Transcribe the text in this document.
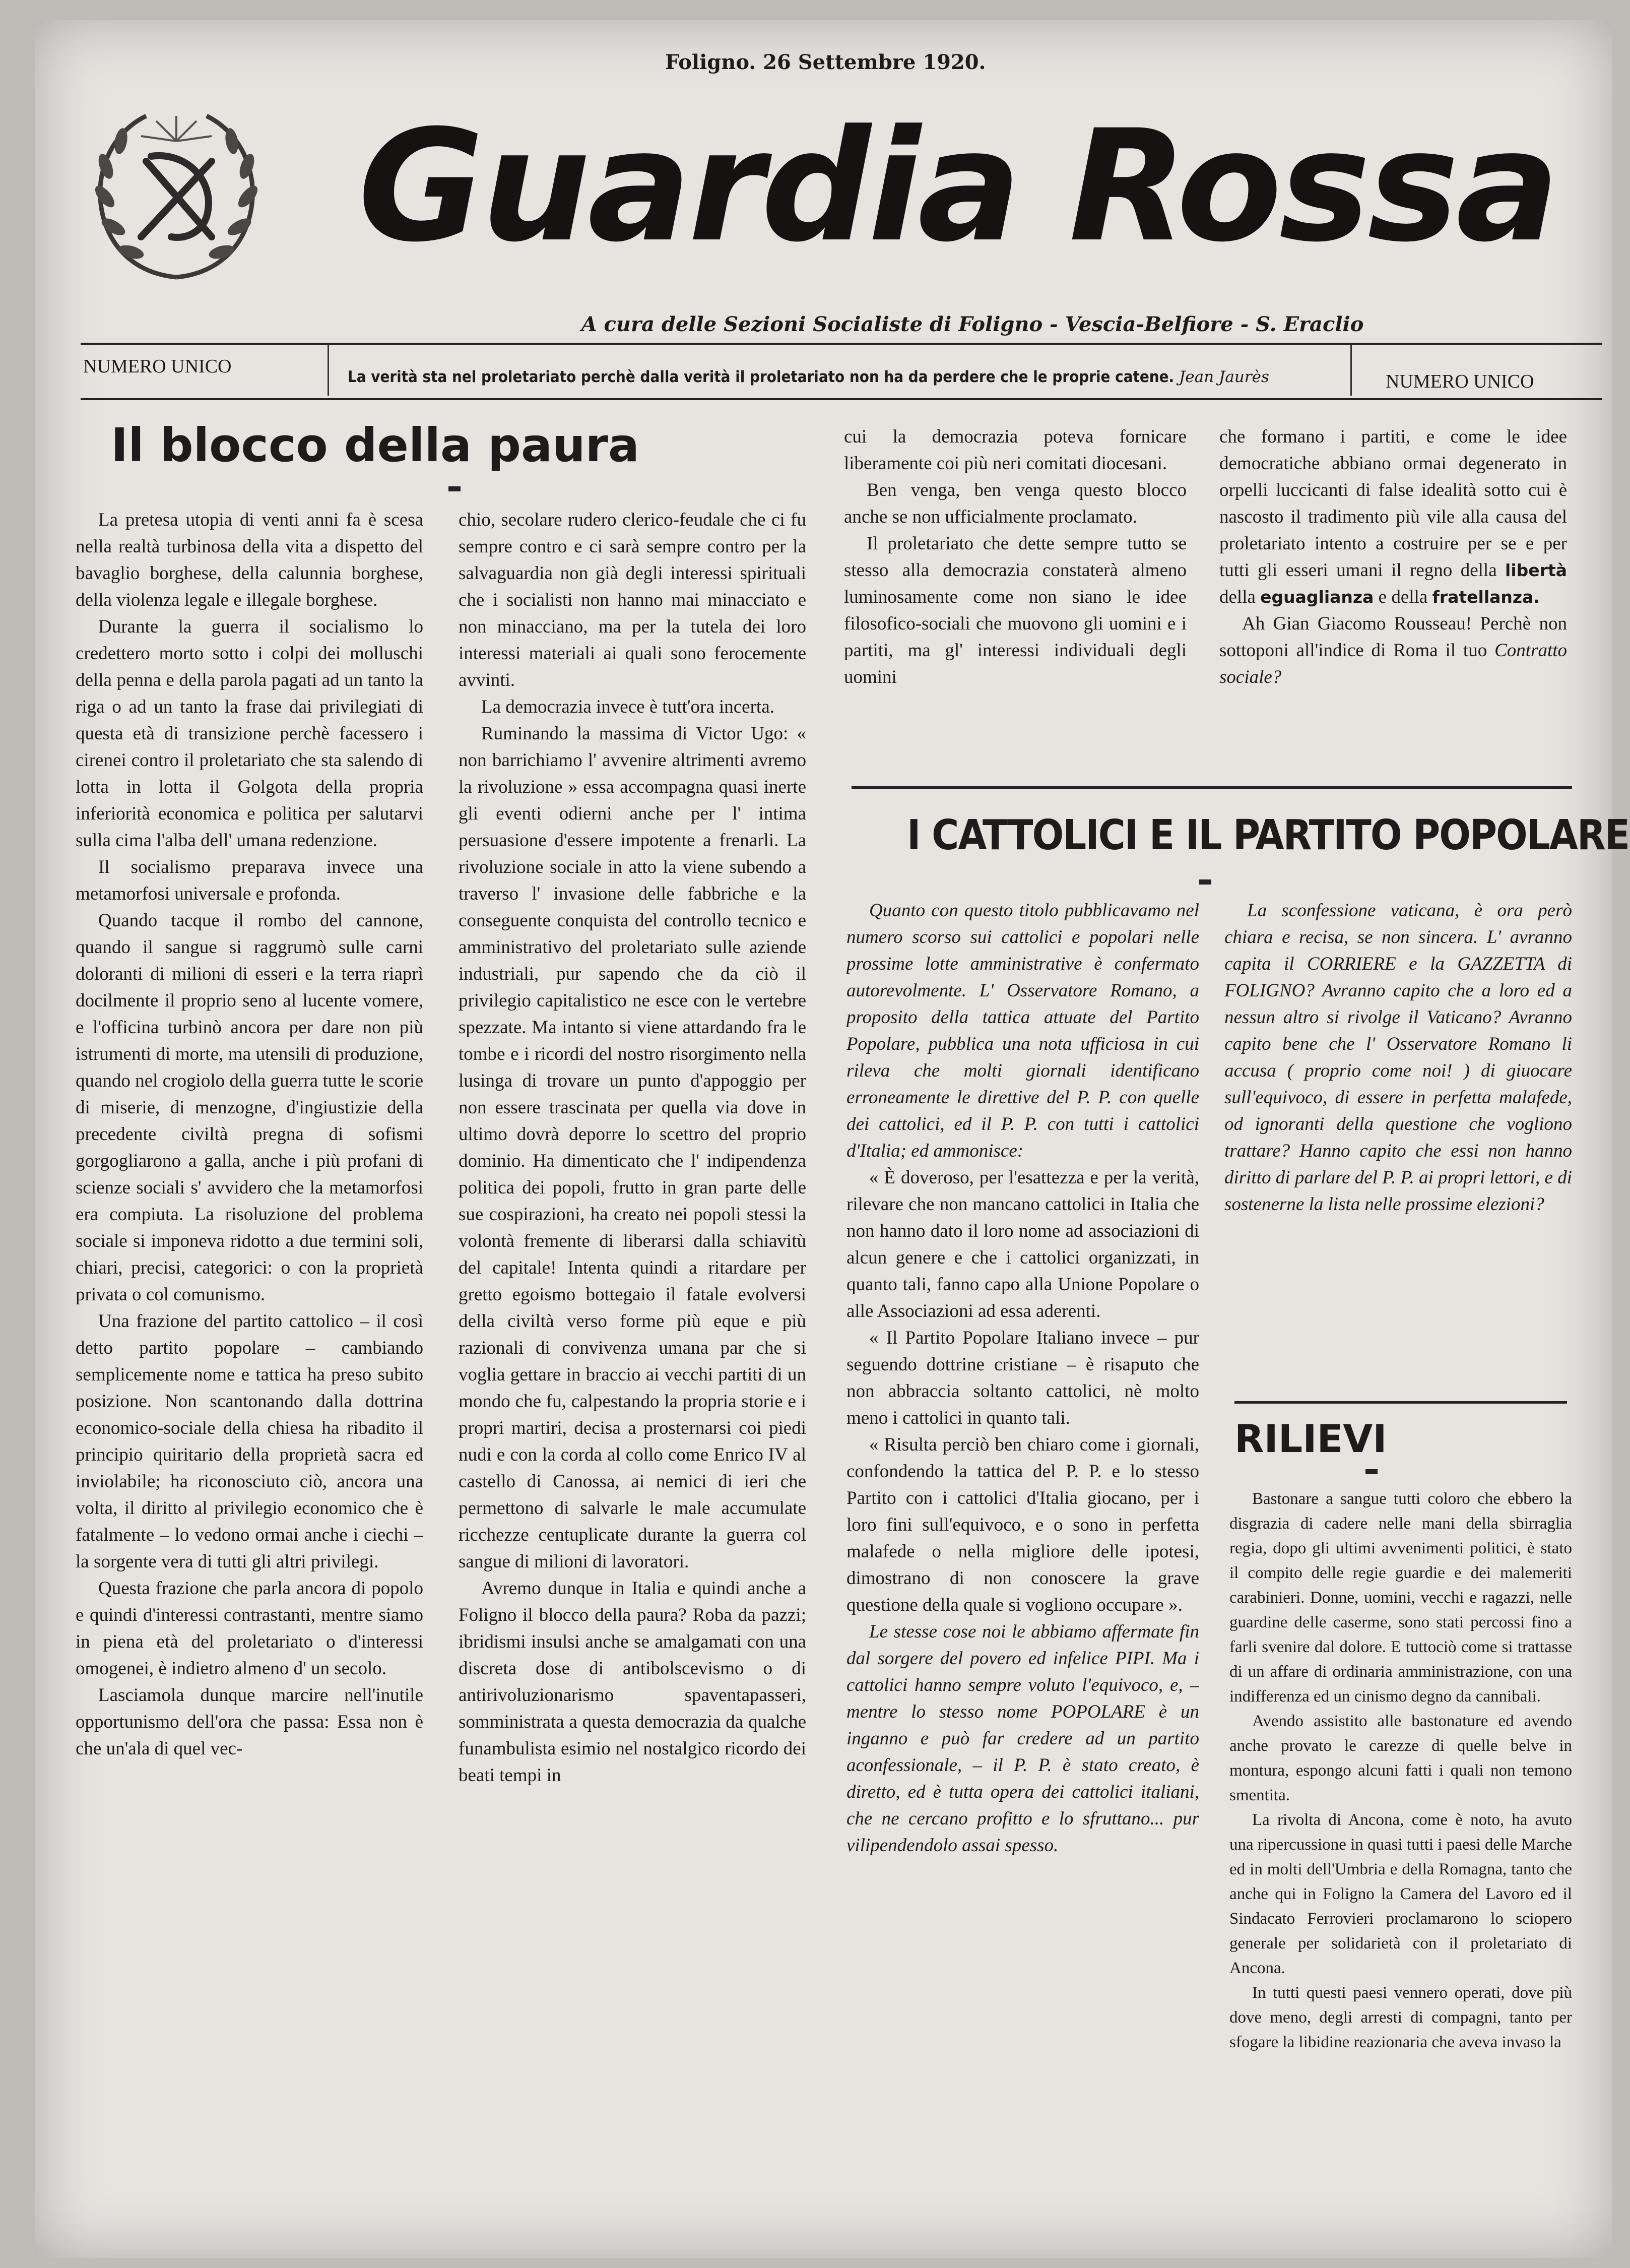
Foligno. 26 Settembre 1920.
Guardia Rossa
A cura delle Sezioni Socialiste di Foligno - Vescia-Belfiore - S. Eraclio
NUMERO UNICO	La verità sta nel proletariato perchè dalla verità il proletariato non ha da perdere che le proprie catene. Jean Jaurès	NUMERO UNICO
Il blocco della paura

La pretesa utopia di venti anni fa è scesa nella realtà turbinosa della vita a dispetto del bavaglio borghese, della calunnia borghese, della violenza legale e illegale borghese.

Durante la guerra il socialismo lo credettero morto sotto i colpi dei molluschi della penna e della parola pagati ad un tanto la riga o ad un tanto la frase dai privilegiati di questa età di transizione perchè facessero i cirenei contro il proletariato che sta salendo di lotta in lotta il Golgota della propria inferiorità economica e politica per salutarvi sulla cima l'alba dell' umana redenzione.

Il socialismo preparava invece una metamorfosi universale e profonda.

Quando tacque il rombo del cannone, quando il sangue si raggrumò sulle carni doloranti di milioni di esseri e la terra riaprì docilmente il proprio seno al lucente vomere, e l'officina turbinò ancora per dare non più istrumenti di morte, ma utensili di produzione, quando nel crogiolo della guerra tutte le scorie di miserie, di menzogne, d'ingiustizie della precedente civiltà pregna di sofismi gorgogliarono a galla, anche i più profani di scienze sociali s' avvidero che la metamorfosi era compiuta. La risoluzione del problema sociale si imponeva ridotto a due termini soli, chiari, precisi, categorici: o con la proprietà privata o col comunismo.

Una frazione del partito cattolico – il così detto partito popolare – cambiando semplicemente nome e tattica ha preso subito posizione. Non scantonando dalla dottrina economico-sociale della chiesa ha ribadito il principio quiritario della proprietà sacra ed inviolabile; ha riconosciuto ciò, ancora una volta, il diritto al privilegio economico che è fatalmente – lo vedono ormai anche i ciechi – la sorgente vera di tutti gli altri privilegi.

Questa frazione che parla ancora di popolo e quindi d'interessi contrastanti, mentre siamo in piena età del proletariato o d'interessi omogenei, è indietro almeno d' un secolo.

Lasciamola dunque marcire nell'inutile opportunismo dell'ora che passa: Essa non è che un'ala di quel vec-

chio, secolare rudero clerico-feudale che ci fu sempre contro e ci sarà sempre contro per la salvaguardia non già degli interessi spirituali che i socialisti non hanno mai minacciato e non minacciano, ma per la tutela dei loro interessi materiali ai quali sono ferocemente avvinti.

La democrazia invece è tutt'ora incerta.

Ruminando la massima di Victor Ugo: « non barrichiamo l' avvenire altrimenti avremo la rivoluzione » essa accompagna quasi inerte gli eventi odierni anche per l' intima persuasione d'essere impotente a frenarli. La rivoluzione sociale in atto la viene subendo a traverso l' invasione delle fabbriche e la conseguente conquista del controllo tecnico e amministrativo del proletariato sulle aziende industriali, pur sapendo che da ciò il privilegio capitalistico ne esce con le vertebre spezzate. Ma intanto si viene attardando fra le tombe e i ricordi del nostro risorgimento nella lusinga di trovare un punto d'appoggio per non essere trascinata per quella via dove in ultimo dovrà deporre lo scettro del proprio dominio. Ha dimenticato che l' indipendenza politica dei popoli, frutto in gran parte delle sue cospirazioni, ha creato nei popoli stessi la volontà fremente di liberarsi dalla schiavitù del capitale! Intenta quindi a ritardare per gretto egoismo bottegaio il fatale evolversi della civiltà verso forme più eque e più razionali di convivenza umana par che si voglia gettare in braccio ai vecchi partiti di un mondo che fu, calpestando la propria storie e i propri martiri, decisa a prosternarsi coi piedi nudi e con la corda al collo come Enrico IV al castello di Canossa, ai nemici di ieri che permettono di salvarle le male accumulate ricchezze centuplicate durante la guerra col sangue di milioni di lavoratori.

Avremo dunque in Italia e quindi anche a Foligno il blocco della paura? Roba da pazzi; ibridismi insulsi anche se amalgamati con una discreta dose di antibolscevismo o di antirivoluzionarismo spaventapasseri, somministrata a questa democrazia da qualche funambulista esimio nel nostalgico ricordo dei beati tempi in

cui la democrazia poteva fornicare liberamente coi più neri comitati diocesani.

Ben venga, ben venga questo blocco anche se non ufficialmente proclamato.

Il proletariato che dette sempre tutto se stesso alla democrazia constaterà almeno luminosamente come non siano le idee filosofico-sociali che muovono gli uomini e i partiti, ma gl' interessi individuali degli uomini

che formano i partiti, e come le idee democratiche abbiano ormai degenerato in orpelli luccicanti di false idealità sotto cui è nascosto il tradimento più vile alla causa del proletariato intento a costruire per se e per tutti gli esseri umani il regno della libertà della eguaglianza e della fratellanza.

Ah Gian Giacomo Rousseau! Perchè non sottoponi all'indice di Roma il tuo Contratto sociale?

I CATTOLICI E IL PARTITO POPOLARE

Quanto con questo titolo pubblicavamo nel numero scorso sui cattolici e popolari nelle prossime lotte amministrative è confermato autorevolmente. L' Osservatore Romano, a proposito della tattica attuate del Partito Popolare, pubblica una nota ufficiosa in cui rileva che molti giornali identificano erroneamente le direttive del P. P. con quelle dei cattolici, ed il P. P. con tutti i cattolici d'Italia; ed ammonisce:

« È doveroso, per l'esattezza e per la verità, rilevare che non mancano cattolici in Italia che non hanno dato il loro nome ad associazioni di alcun genere e che i cattolici organizzati, in quanto tali, fanno capo alla Unione Popolare o alle Associazioni ad essa aderenti.

« Il Partito Popolare Italiano invece – pur seguendo dottrine cristiane – è risaputo che non abbraccia soltanto cattolici, nè molto meno i cattolici in quanto tali.

« Risulta perciò ben chiaro come i giornali, confondendo la tattica del P. P. e lo stesso Partito con i cattolici d'Italia giocano, per i loro fini sull'equivoco, e o sono in perfetta malafede o nella migliore delle ipotesi, dimostrano di non conoscere la grave questione della quale si vogliono occupare ».

Le stesse cose noi le abbiamo affermate fin dal sorgere del povero ed infelice PIPI. Ma i cattolici hanno sempre voluto l'equivoco, e, – mentre lo stesso nome POPOLARE è un inganno e può far credere ad un partito aconfessionale, – il P. P. è stato creato, è diretto, ed è tutta opera dei cattolici italiani, che ne cercano profitto e lo sfruttano... pur vilipendendolo assai spesso.

La sconfessione vaticana, è ora però chiara e recisa, se non sincera. L' avranno capita il CORRIERE e la GAZZETTA di FOLIGNO? Avranno capito che a loro ed a nessun altro si rivolge il Vaticano? Avranno capito bene che l' Osservatore Romano li accusa ( proprio come noi! ) di giuocare sull'equivoco, di essere in perfetta malafede, od ignoranti della questione che vogliono trattare? Hanno capito che essi non hanno diritto di parlare del P. P. ai propri lettori, e di sostenerne la lista nelle prossime elezioni?

RILIEVI

Bastonare a sangue tutti coloro che ebbero la disgrazia di cadere nelle mani della sbirraglia regia, dopo gli ultimi avvenimenti politici, è stato il compito delle regie guardie e dei malemeriti carabinieri. Donne, uomini, vecchi e ragazzi, nelle guardine delle caserme, sono stati percossi fino a farli svenire dal dolore. E tuttociò come si trattasse di un affare di ordinaria amministrazione, con una indifferenza ed un cinismo degno da cannibali.

Avendo assistito alle bastonature ed avendo anche provato le carezze di quelle belve in montura, espongo alcuni fatti i quali non temono smentita.

La rivolta di Ancona, come è noto, ha avuto una ripercussione in quasi tutti i paesi delle Marche ed in molti dell'Umbria e della Romagna, tanto che anche qui in Foligno la Camera del Lavoro ed il Sindacato Ferrovieri proclamarono lo sciopero generale per solidarietà con il proletariato di Ancona.

In tutti questi paesi vennero operati, dove più dove meno, degli arresti di compagni, tanto per sfogare la libidine reazionaria che aveva invaso la
